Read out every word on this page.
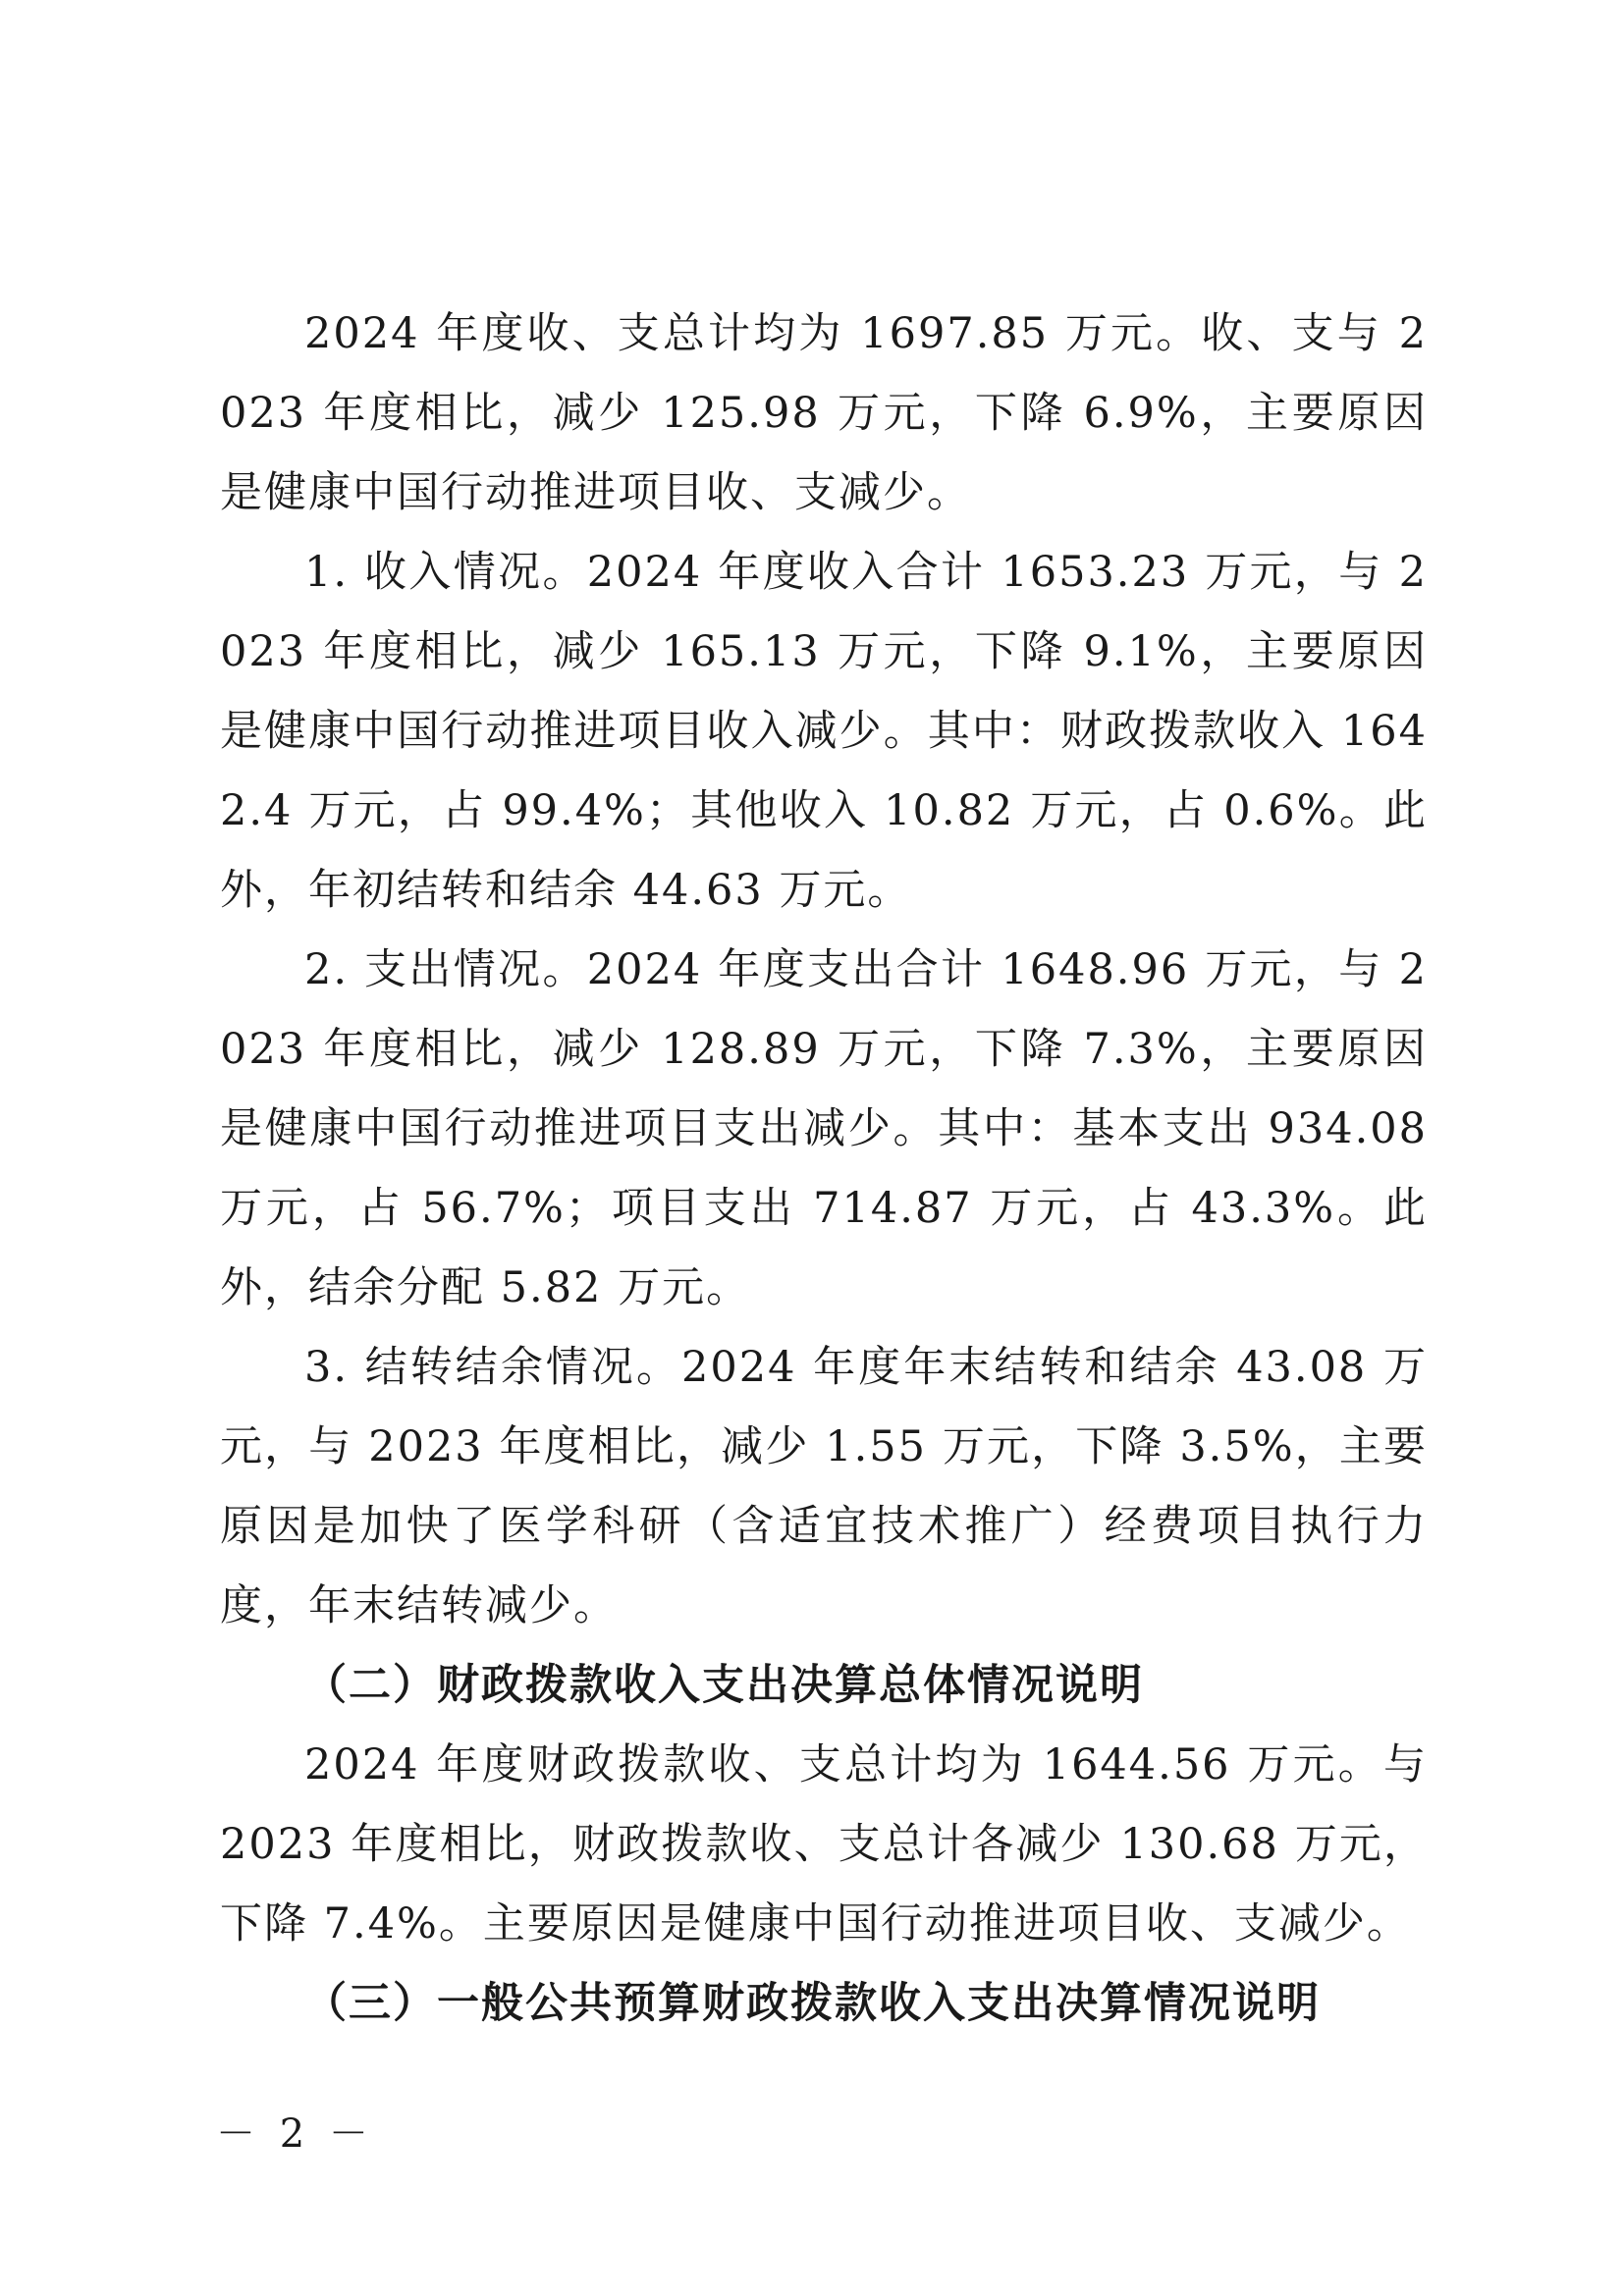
2024 年度收、支总计均为 1697.85 万元。收、支与 2023 年度相比，减少 125.98 万元，下降 6.9%，主要原因是健康中国行动推进项目收、支减少。

1. 收入情况。2024 年度收入合计 1653.23 万元，与 2023 年度相比，减少 165.13 万元，下降 9.1%，主要原因是健康中国行动推进项目收入减少。其中：财政拨款收入 1642.4 万元，占 99.4%；其他收入 10.82 万元，占 0.6%。此外，年初结转和结余 44.63 万元。

2. 支出情况。2024 年度支出合计 1648.96 万元，与 2023 年度相比，减少 128.89 万元，下降 7.3%，主要原因是健康中国行动推进项目支出减少。其中：基本支出 934.08 万元，占 56.7%；项目支出 714.87 万元，占 43.3%。此外，结余分配 5.82 万元。

3. 结转结余情况。2024 年度年末结转和结余 43.08 万元，与 2023 年度相比，减少 1.55 万元，下降 3.5%，主要原因是加快了医学科研（含适宜技术推广）经费项目执行力度，年末结转减少。

（二）财政拨款收入支出决算总体情况说明

2024 年度财政拨款收、支总计均为 1644.56 万元。与 2023 年度相比，财政拨款收、支总计各减少 130.68 万元，下降 7.4%。主要原因是健康中国行动推进项目收、支减少。

（三）一般公共预算财政拨款收入支出决算情况说明

－ 2 －
